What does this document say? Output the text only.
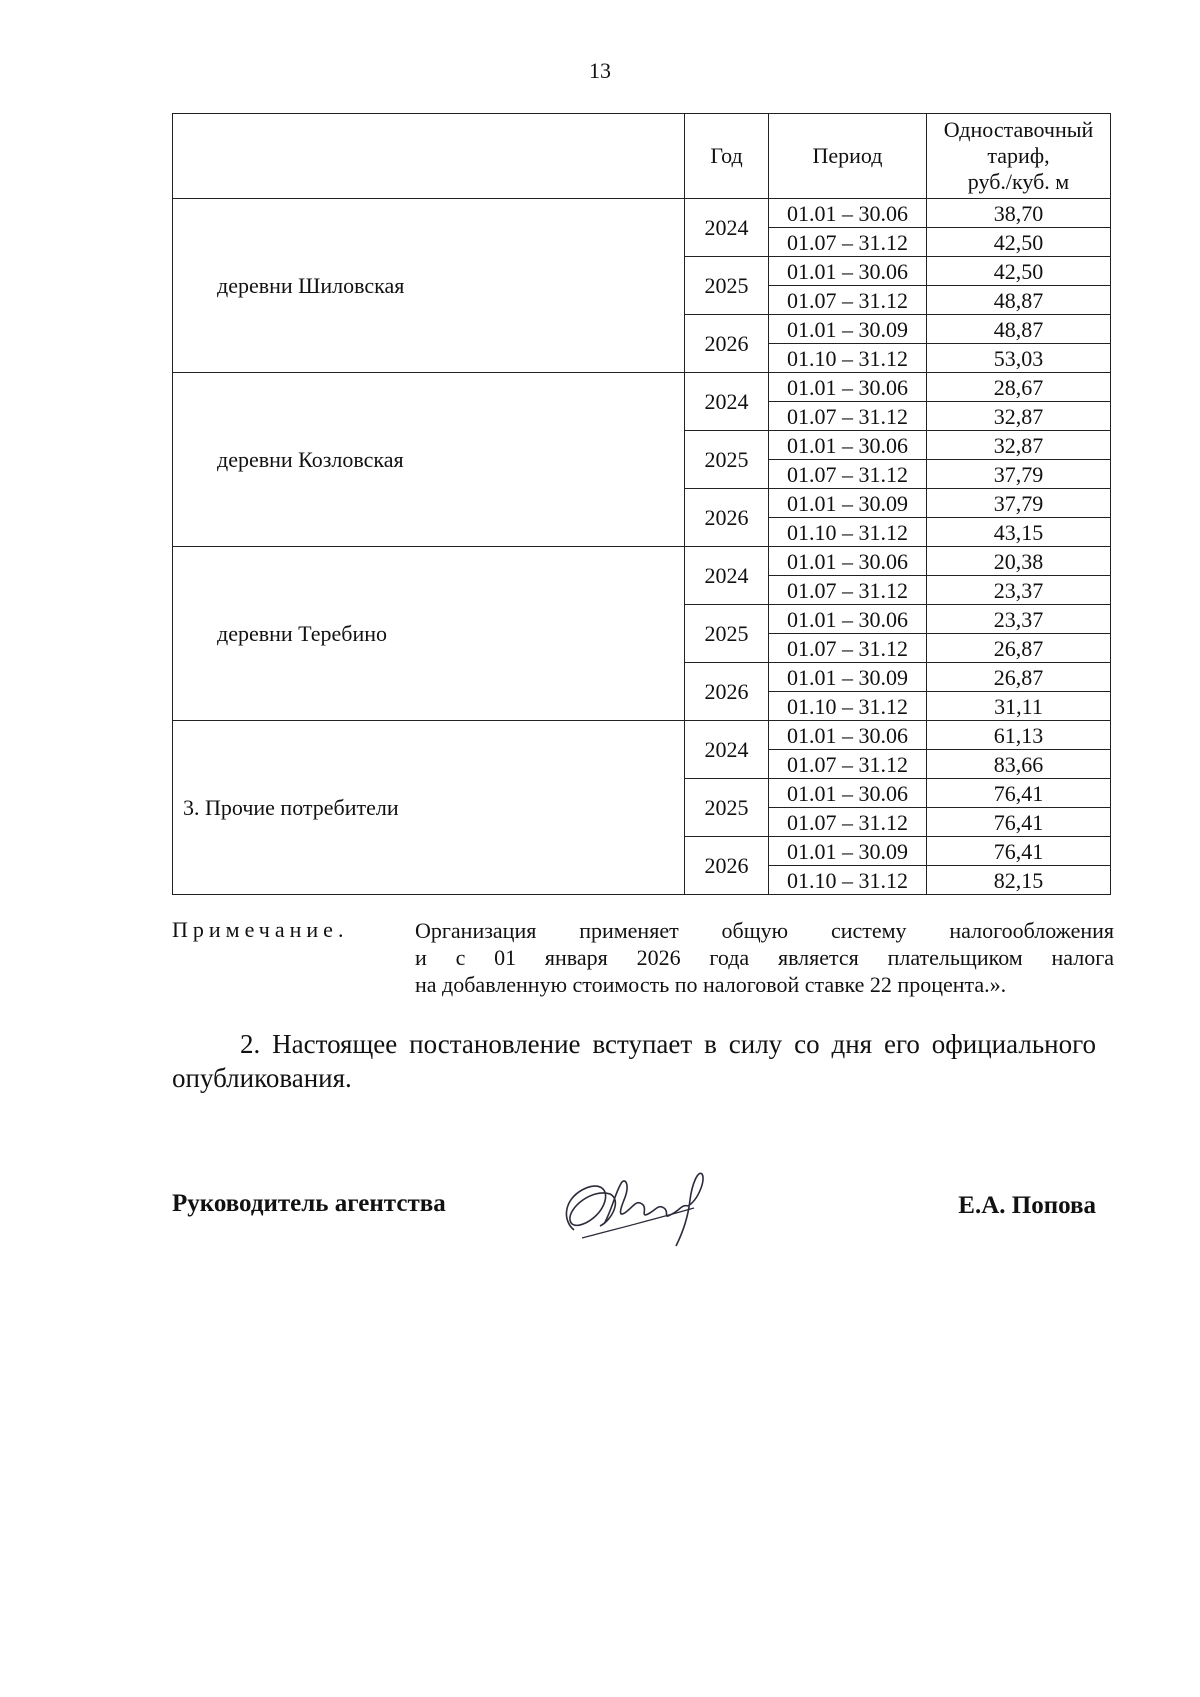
13
	Год	Период	Одноставочный
тариф,
руб./куб. м

деревни Шиловская	2024	01.01 – 30.06	38,70
		01.07 – 31.12	42,50
	2025	01.01 – 30.06	42,50
		01.07 – 31.12	48,87
	2026	01.01 – 30.09	48,87
		01.10 – 31.12	53,03
деревни Козловская	2024	01.01 – 30.06	28,67
		01.07 – 31.12	32,87
	2025	01.01 – 30.06	32,87
		01.07 – 31.12	37,79
	2026	01.01 – 30.09	37,79
		01.10 – 31.12	43,15
деревни Теребино	2024	01.01 – 30.06	20,38
		01.07 – 31.12	23,37
	2025	01.01 – 30.06	23,37
		01.07 – 31.12	26,87
	2026	01.01 – 30.09	26,87
		01.10 – 31.12	31,11
3. Прочие потребители	2024	01.01 – 30.06	61,13
		01.07 – 31.12	83,66
	2025	01.01 – 30.06	76,41
		01.07 – 31.12	76,41
	2026	01.01 – 30.09	76,41
		01.10 – 31.12	82,15
Примечание.	Организация применяет общую систему налогообложения
и с 01 января 2026 года является плательщиком налога
на добавленную стоимость по налоговой ставке 22 процента.».
2. Настоящее постановление вступает в силу со дня его официального
опубликования.
Руководитель агентства	Е.А. Попова
